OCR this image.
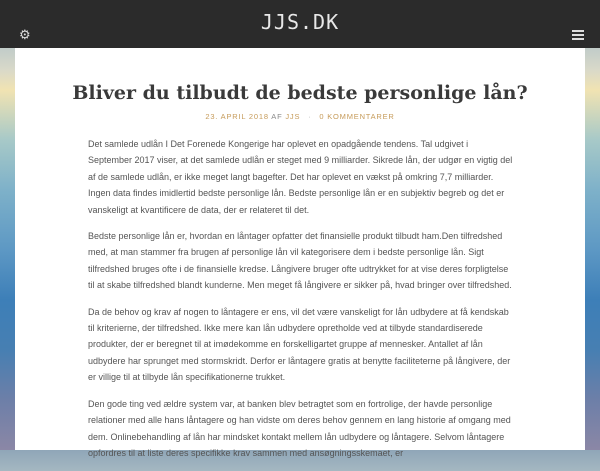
⚙
JJS.DK
Bliver du tilbudt de bedste personlige lån?
23. APRIL 2018 AF JJS · 0 KOMMENTARER

Det samlede udlån I Det Forenede Kongerige har oplevet en opadgående tendens. Tal udgivet i September 2017 viser, at det samlede udlån er steget med 9 milliarder. Sikrede lån, der udgør en vigtig del af de samlede udlån, er ikke meget langt bagefter. Det har oplevet en vækst på omkring 7,7 milliarder. Ingen data findes imidlertid bedste personlige lån. Bedste personlige lån er en subjektiv begreb og det er vanskeligt at kvantificere de data, der er relateret til det.

Bedste personlige lån er, hvordan en låntager opfatter det finansielle produkt tilbudt ham.Den tilfredshed med, at man stammer fra brugen af personlige lån vil kategorisere dem i bedste personlige lån. Sigt tilfredshed bruges ofte i de finansielle kredse. Långivere bruger ofte udtrykket for at vise deres forpligtelse til at skabe tilfredshed blandt kunderne. Men meget få långivere er sikker på, hvad bringer over tilfredshed.

Da de behov og krav af nogen to låntagere er ens, vil det være vanskeligt for lån udbydere at få kendskab til kriterierne, der tilfredshed. Ikke mere kan lån udbydere opretholde ved at tilbyde standardiserede produkter, der er beregnet til at imødekomme en forskelligartet gruppe af mennesker. Antallet af lån udbydere har sprunget med stormskridt. Derfor er låntagere gratis at benytte faciliteterne på långivere, der er villige til at tilbyde lån specifikationerne trukket.

Den gode ting ved ældre system var, at banken blev betragtet som en fortrolige, der havde personlige relationer med alle hans låntagere og han vidste om deres behov gennem en lang historie af omgang med dem. Onlinebehandling af lån har mindsket kontakt mellem lån udbydere og låntagere. Selvom låntagere opfordres til at liste deres specifikke krav sammen med ansøgningsskemaet, er
